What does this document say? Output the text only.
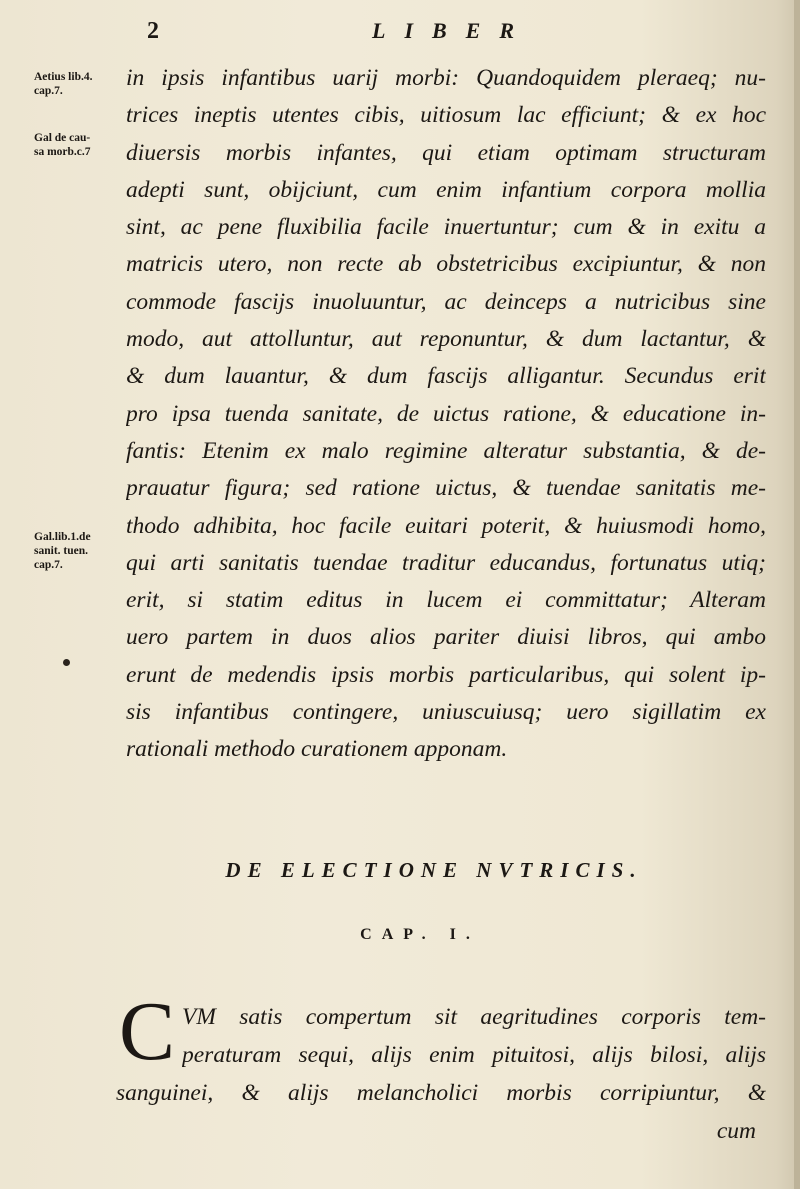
2	LIBER
Aetius lib.4.
cap.7.
Gal de cau-
sa morb.c.7
Gal.lib.1.de
sanit. tuen.
cap.7.
in ipsis infantibus uarij morbi: Quandoquidem pleraeq; nu-
trices ineptis utentes cibis, uitiosum lac efficiunt; & ex hoc
diuersis morbis infantes, qui etiam optimam structuram
adepti sunt, obijciunt, cum enim infantium corpora mollia
sint, ac pene fluxibilia facile inuertuntur; cum & in exitu a
matricis utero, non recte ab obstetricibus excipiuntur, & non
commode fascijs inuoluuntur, ac deinceps a nutricibus sine
modo, aut attolluntur, aut reponuntur, & dum lactantur, &
& dum lauantur, & dum fascijs alligantur. Secundus erit
pro ipsa tuenda sanitate, de uictus ratione, & educatione in-
fantis: Etenim ex malo regimine alteratur substantia, & de-
prauatur figura; sed ratione uictus, & tuendae sanitatis me-
thodo adhibita, hoc facile euitari poterit, & huiusmodi homo,
qui arti sanitatis tuendae traditur educandus, fortunatus utiq;
erit, si statim editus in lucem ei committatur; Alteram
uero partem in duos alios pariter diuisi libros, qui ambo
erunt de medendis ipsis morbis particularibus, qui solent ip-
sis infantibus contingere, uniuscuiusq; uero sigillatim ex
rationali methodo curationem apponam.
DE ELECTIONE NVTRICIS.
CAP. I.
C VM satis compertum sit aegritudines corporis tem-
peraturam sequi, alijs enim pituitosi, alijs bilosi, alijs
sanguinei, & alijs melancholici morbis corripiuntur, &
cum
